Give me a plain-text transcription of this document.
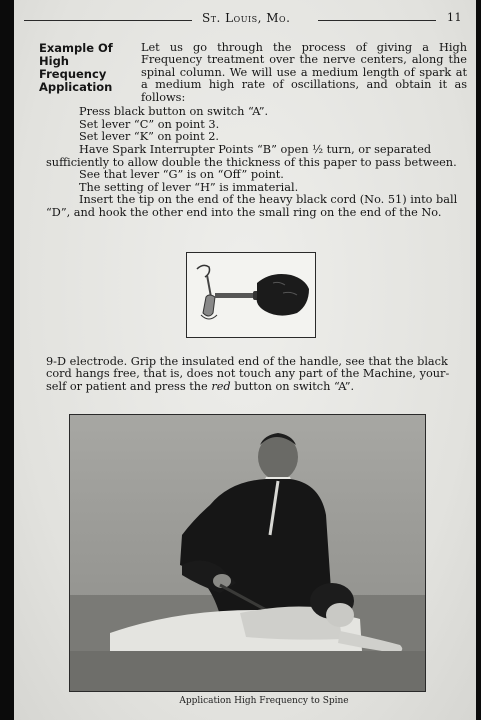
St. Louis, Mo.	11
Example Of
High
Frequency
Application
Let us go through the process of giving a High Frequency treatment over the nerve centers, along the spinal column. We will use a medium length of spark at a medium high rate of oscillations, and obtain it as follows:
Press black button on switch “A”.
Set lever “C” on point 3.
Set lever “K” on point 2.
Have Spark Interrupter Points “B” open ½ turn, or separated
sufficiently to allow double the thickness of this paper to pass between.
See that lever “G” is on “Off” point.
The setting of lever “H” is immaterial.
Insert the tip on the end of the heavy black cord (No. 51) into ball
“D”, and hook the other end into the small ring on the end of the No.
9-D electrode. Grip the insulated end of the handle, see that the black
cord hangs free, that is, does not touch any part of the Machine, your-
self or patient and press the red button on switch “A”.
Application High Frequency to Spine
